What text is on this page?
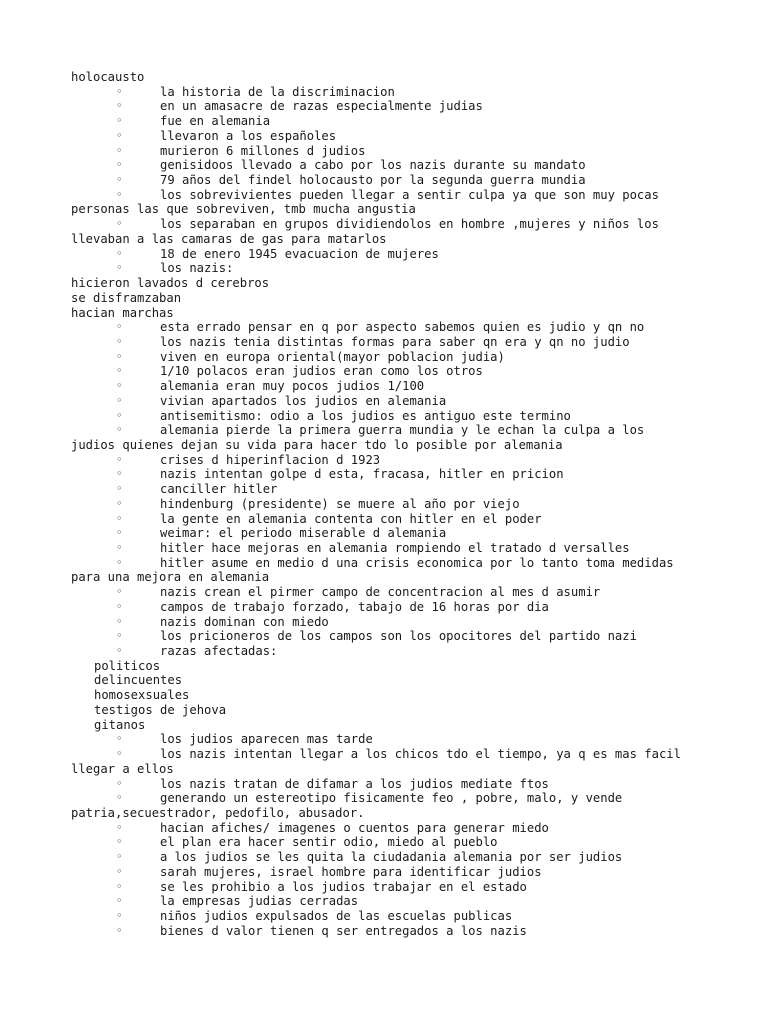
holocausto
◦	la historia de la discriminacion
◦	en un amasacre de razas especialmente judias
◦	fue en alemania
◦	llevaron a los españoles
◦	murieron 6 millones d judios
◦	genisidoos llevado a cabo por los nazis durante su mandato
◦	79 años del findel holocausto por la segunda guerra mundia
◦	los sobrevivientes pueden llegar a sentir culpa ya que son muy pocas
personas las que sobreviven, tmb mucha angustia
◦	los separaban en grupos dividiendolos en hombre ,mujeres y niños los
llevaban a las camaras de gas para matarlos
◦	18 de enero 1945 evacuacion de mujeres
◦	los nazis:
hicieron lavados d cerebros
se disframzaban
hacian marchas
◦	esta errado pensar en q por aspecto sabemos quien es judio y qn no
◦	los nazis tenia distintas formas para saber qn era y qn no judio
◦	viven en europa oriental(mayor poblacion judia)
◦	1/10 polacos eran judios eran como los otros
◦	alemania eran muy pocos judios 1/100
◦	vivian apartados los judios en alemania
◦	antisemitismo: odio a los judios es antiguo este termino
◦	alemania pierde la primera guerra mundia y le echan la culpa a los
judios quienes dejan su vida para hacer tdo lo posible por alemania
◦	crises d hiperinflacion d 1923
◦	nazis intentan golpe d esta, fracasa, hitler en pricion
◦	canciller hitler
◦	hindenburg (presidente) se muere al año por viejo
◦	la gente en alemania contenta con hitler en el poder
◦	weimar: el periodo miserable d alemania
◦	hitler hace mejoras en alemania rompiendo el tratado d versalles
◦	hitler asume en medio d una crisis economica por lo tanto toma medidas
para una mejora en alemania
◦	nazis crean el pirmer campo de concentracion al mes d asumir
◦	campos de trabajo forzado, tabajo de 16 horas por dia
◦	nazis dominan con miedo
◦	los pricioneros de los campos son los opocitores del partido nazi
◦	razas afectadas:
politicos
delincuentes
homosexsuales
testigos de jehova
gitanos
◦	los judios aparecen mas tarde
◦	los nazis intentan llegar a los chicos tdo el tiempo, ya q es mas facil
llegar a ellos
◦	los nazis tratan de difamar a los judios mediate ftos
◦	generando un estereotipo fisicamente feo , pobre, malo, y vende
patria,secuestrador, pedofilo, abusador.
◦	hacian afiches/ imagenes o cuentos para generar miedo
◦	el plan era hacer sentir odio, miedo al pueblo
◦	a los judios se les quita la ciudadania alemania por ser judios
◦	sarah mujeres, israel hombre para identificar judios
◦	se les prohibio a los judios trabajar en el estado
◦	la empresas judias cerradas
◦	niños judios expulsados de las escuelas publicas
◦	bienes d valor tienen q ser entregados a los nazis
